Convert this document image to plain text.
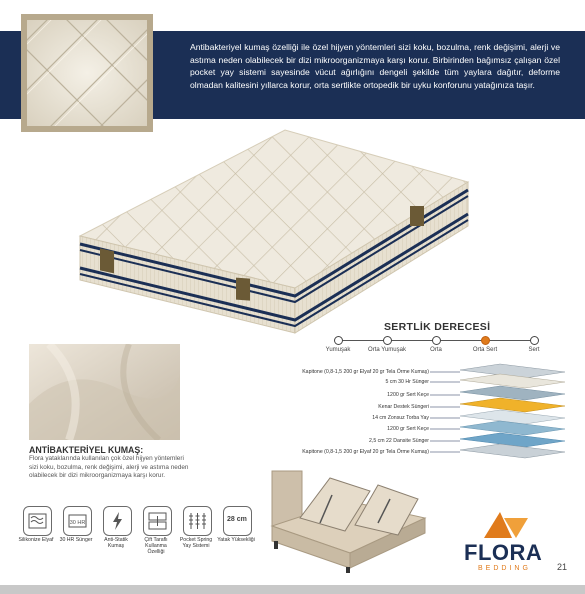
Antibakteriyel kumaş özelliği ile özel hijyen yöntemleri sizi koku, bozulma, renk değişimi, alerji ve astıma neden olabilecek bir dizi mikroorganizmaya karşı korur. Birbirinden bağımsız çalışan özel pocket yay sistemi sayesinde vücut ağırlığını dengeli şekilde tüm yaylara dağıtır, deforme olmadan kalitesini yıllarca korur, orta sertlikte ortopedik bir uyku konforunu yatağınıza taşır.
SERTLİK DERECESİ
Yumuşak	Orta Yumuşak	Orta	Orta Sert	Sert
Kapitone (0,8-1,5 200 gr Elyaf 20 gr Tela Örme Kumaş)
5 cm 30 Hr Sünger
1200 gr Sert Keçe
Kenar Destek Süngeri
14 cm Zonsuz Torba Yay
1200 gr Sert Keçe
2,5 cm 22 Dansite Sünger
Kapitone (0,8-1,5 200 gr Elyaf 20 gr Tela Örme Kumaş)
ANTİBAKTERİYEL KUMAŞ:
Flora yataklarında kullanılan çok özel hijyen yöntemleri sizi koku, bozulma, renk değişimi, alerji ve astıma neden olabilecek bir dizi mikroorganizmaya karşı korur.
Silikonize Elyaf
30 HR
30 HR Sünger	Anti-Statik Kumaş
Çift Taraflı Kullanma Özelliği
Pocket Spring Yay Sistemi
28 cm
Yatak Yüksekliği	FLORA
BEDDING	21
